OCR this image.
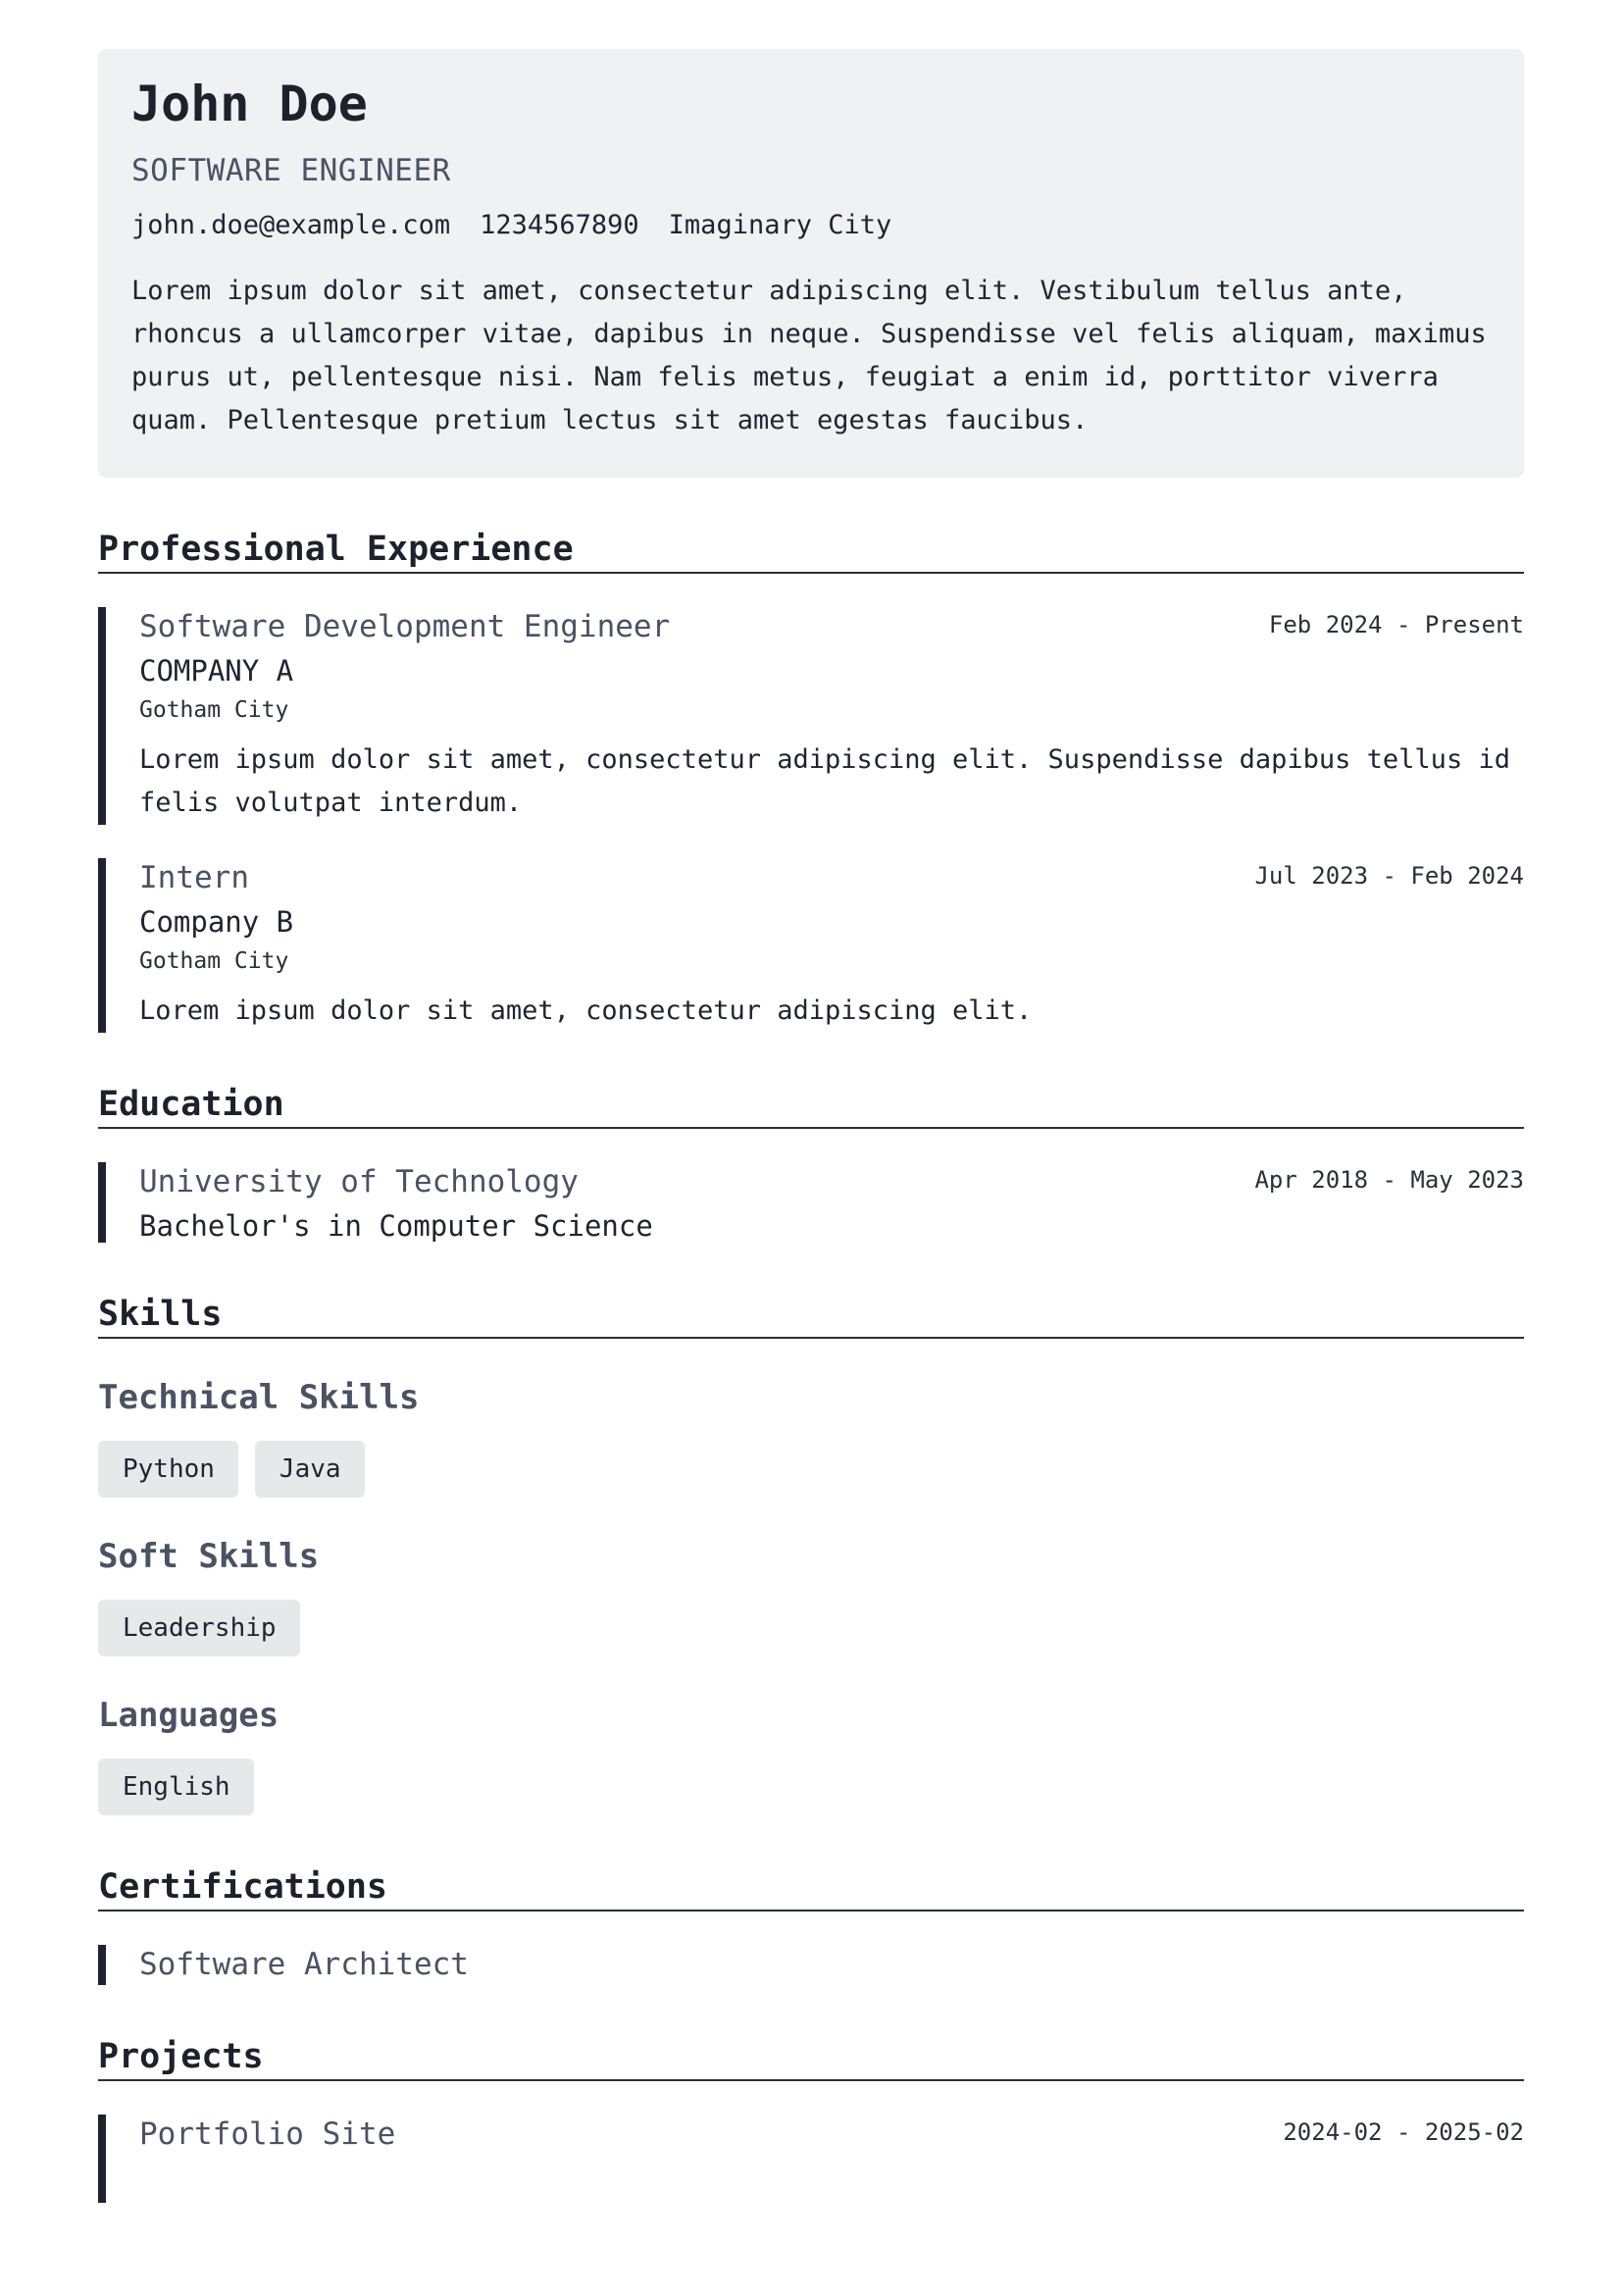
John Doe
SOFTWARE ENGINEER
john.doe@example.com 1234567890 Imaginary City
Lorem ipsum dolor sit amet, consectetur adipiscing elit. Vestibulum tellus ante, rhoncus a ullamcorper vitae, dapibus in neque. Suspendisse vel felis aliquam, maximus purus ut, pellentesque nisi. Nam felis metus, feugiat a enim id, porttitor viverra quam. Pellentesque pretium lectus sit amet egestas faucibus.
Professional Experience
Feb 2024 - Present
Software Development Engineer
COMPANY A
Gotham City
Lorem ipsum dolor sit amet, consectetur adipiscing elit. Suspendisse dapibus tellus id felis volutpat interdum.
Jul 2023 - Feb 2024
Intern
Company B
Gotham City
Lorem ipsum dolor sit amet, consectetur adipiscing elit.
Education
Apr 2018 - May 2023
University of Technology
Bachelor's in Computer Science
Skills
Technical Skills
Python	Java
Soft Skills
Leadership
Languages
English
Certifications
Software Architect
Projects
2024-02 - 2025-02
Portfolio Site
